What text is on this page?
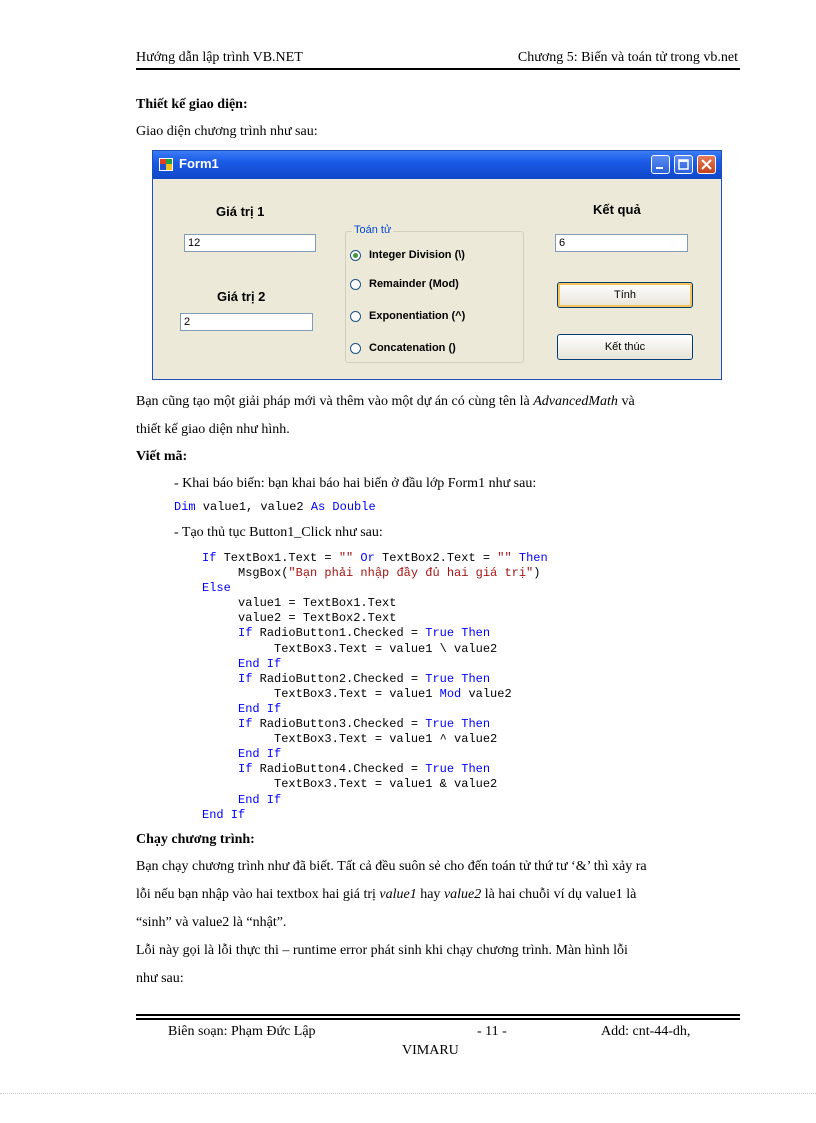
Hướng dẫn lập trình VB.NET	Chương 5: Biến và toán tử trong vb.net
Thiết kế giao diện:
Giao diện chương trình như sau:
Form1
Giá trị 1
12
Giá trị 2
2
Toán tử
Integer Division (\)
Remainder (Mod)
Exponentiation (^)
Concatenation ()
Kết quả
6
Tính
Kết thúc
Bạn cũng tạo một giải pháp mới và thêm vào một dự án có cùng tên là AdvancedMath và
thiết kế giao diện như hình.
Viết mã:
- Khai báo biến: bạn khai báo hai biến ở đầu lớp Form1 như sau:
Dim value1, value2 As Double
- Tạo thủ tục Button1_Click như sau:
If TextBox1.Text = "" Or TextBox2.Text = "" Then
MsgBox("Bạn phải nhập đầy đủ hai giá trị")
Else
value1 = TextBox1.Text
value2 = TextBox2.Text
If RadioButton1.Checked = True Then
TextBox3.Text = value1 \ value2
End If
If RadioButton2.Checked = True Then
TextBox3.Text = value1 Mod value2
End If
If RadioButton3.Checked = True Then
TextBox3.Text = value1 ^ value2
End If
If RadioButton4.Checked = True Then
TextBox3.Text = value1 & value2
End If
End If
Chạy chương trình:
Bạn chạy chương trình như đã biết. Tất cả đều suôn sẻ cho đến toán tử thứ tư ‘&’ thì xảy ra
lỗi nếu bạn nhập vào hai textbox hai giá trị value1 hay value2 là hai chuỗi ví dụ value1 là
“sinh” và value2 là “nhật”.
Lỗi này gọi là lỗi thực thi – runtime error phát sinh khi chạy chương trình. Màn hình lỗi
như sau:
Biên soạn: Phạm Đức Lập	- 11 -	Add: cnt-44-dh,
VIMARU
